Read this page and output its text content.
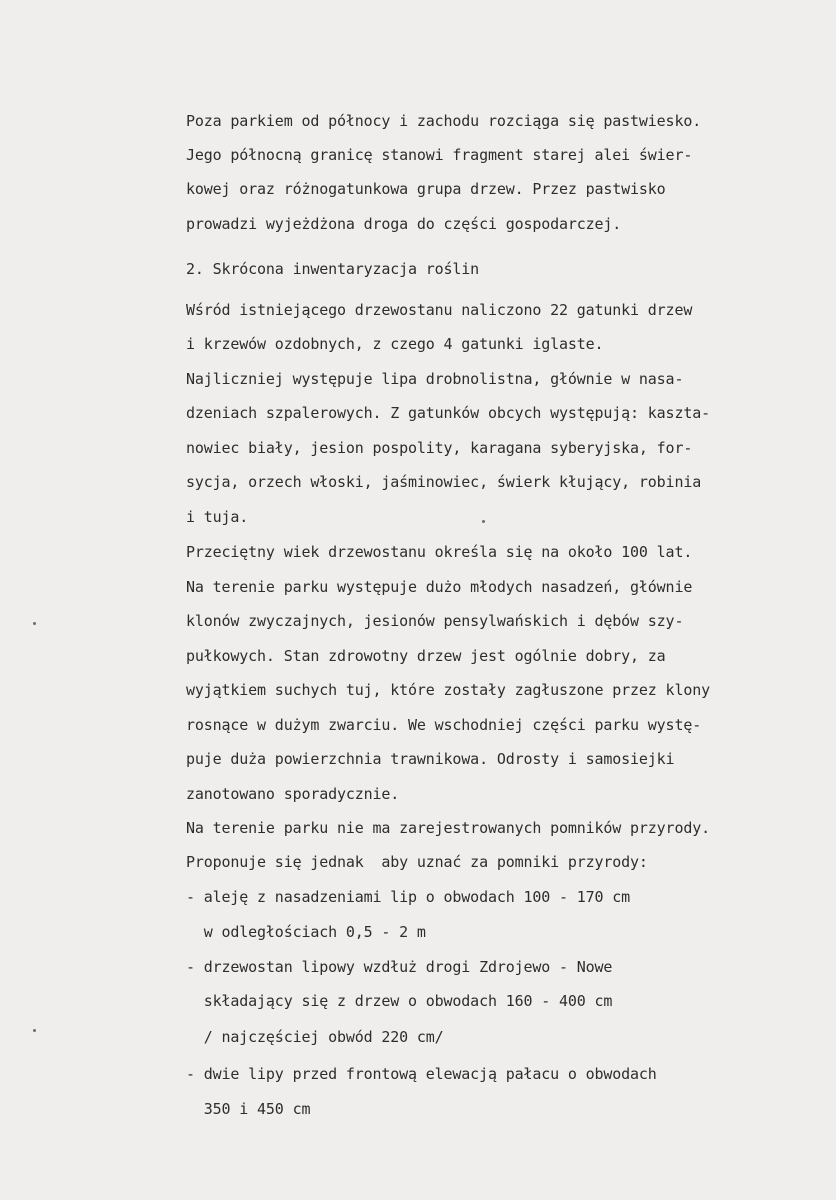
Poza parkiem od północy i zachodu rozciąga się pastwiesko.
Jego północną granicę stanowi fragment starej alei świer-
kowej oraz różnogatunkowa grupa drzew. Przez pastwisko
prowadzi wyjeżdżona droga do części gospodarczej.
2. Skrócona inwentaryzacja roślin
Wśród istniejącego drzewostanu naliczono 22 gatunki drzew
i krzewów ozdobnych, z czego 4 gatunki iglaste.
Najliczniej występuje lipa drobnolistna, głównie w nasa-
dzeniach szpalerowych. Z gatunków obcych występują: kaszta-
nowiec biały, jesion pospolity, karagana syberyjska, for-
sycja, orzech włoski, jaśminowiec, świerk kłujący, robinia
i tuja.
Przeciętny wiek drzewostanu określa się na około 100 lat.
Na terenie parku występuje dużo młodych nasadzeń, głównie
klonów zwyczajnych, jesionów pensylwańskich i dębów szy-
pułkowych. Stan zdrowotny drzew jest ogólnie dobry, za
wyjątkiem suchych tuj, które zostały zagłuszone przez klony
rosnące w dużym zwarciu. We wschodniej części parku wystę-
puje duża powierzchnia trawnikowa. Odrosty i samosiejki
zanotowano sporadycznie.
Na terenie parku nie ma zarejestrowanych pomników przyrody.
Proponuje się jednak  aby uznać za pomniki przyrody:
- aleję z nasadzeniami lip o obwodach 100 - 170 cm
w odległościach 0,5 - 2 m
- drzewostan lipowy wzdłuż drogi Zdrojewo - Nowe
składający się z drzew o obwodach 160 - 400 cm
/ najczęściej obwód 220 cm/
- dwie lipy przed frontową elewacją pałacu o obwodach
350 i 450 cm
